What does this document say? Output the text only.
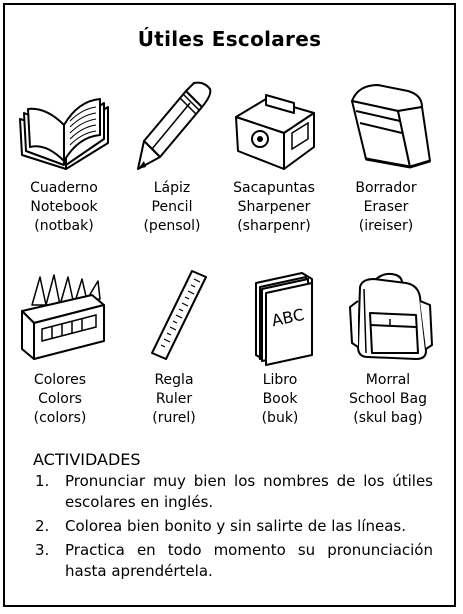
Útiles Escolares
Cuaderno
Notebook
(notbak)
Lápiz
Pencil
(pensol)
Sacapuntas
Sharpener
(sharpenr)
Borrador
Eraser
(ireiser)
Colores
Colors
(colors)
Regla
Ruler
(rurel)
ABC
Libro
Book
(buk)
Morral
School Bag
(skul bag)
ACTIVIDADES
1. Pronunciar muy bien los nombres de los útiles escolares en inglés.
2. Colorea bien bonito y sin salirte de las líneas.
3. Practica en todo momento su pronunciación hasta aprendértela.
